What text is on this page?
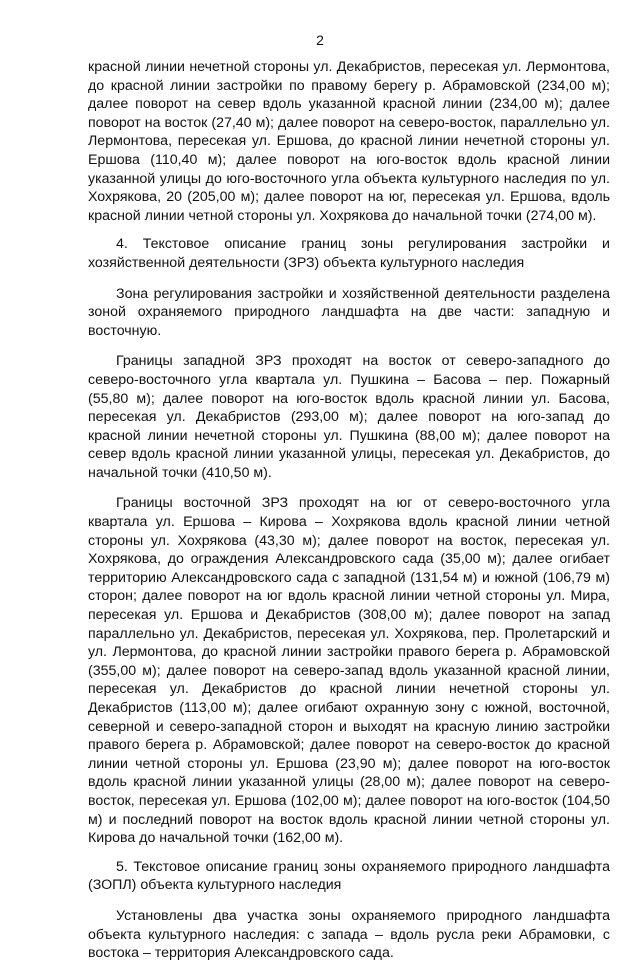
2

красной линии нечетной стороны ул. Декабристов, пересекая ул. Лермонтова, до красной линии застройки по правому берегу р. Абрамовской (234,00 м); далее поворот на север вдоль указанной красной линии (234,00 м); далее поворот на восток (27,40 м); далее поворот на северо-восток, параллельно ул. Лермонтова, пересекая ул. Ершова, до красной линии нечетной стороны ул. Ершова (110,40 м); далее поворот на юго-восток вдоль красной линии указанной улицы до юго-восточного угла объекта культурного наследия по ул. Хохрякова, 20 (205,00 м); далее поворот на юг, пересекая ул. Ершова, вдоль красной линии четной стороны ул. Хохрякова до начальной точки (274,00 м).

4. Текстовое описание границ зоны регулирования застройки и хозяйственной деятельности (ЗРЗ) объекта культурного наследия

Зона регулирования застройки и хозяйственной деятельности разделена зоной охраняемого природного ландшафта на две части: западную и восточную.

Границы западной ЗРЗ проходят на восток от северо-западного до северо-восточного угла квартала ул. Пушкина – Басова – пер. Пожарный (55,80 м); далее поворот на юго-восток вдоль красной линии ул. Басова, пересекая ул. Декабристов (293,00 м); далее поворот на юго-запад до красной линии нечетной стороны ул. Пушкина (88,00 м); далее поворот на север вдоль красной линии указанной улицы, пересекая ул. Декабристов, до начальной точки (410,50 м).

Границы восточной ЗРЗ проходят на юг от северо-восточного угла квартала ул. Ершова – Кирова – Хохрякова вдоль красной линии четной стороны ул. Хохрякова (43,30 м); далее поворот на восток, пересекая ул. Хохрякова, до ограждения Александровского сада (35,00 м); далее огибает территорию Александровского сада с западной (131,54 м) и южной (106,79 м) сторон; далее поворот на юг вдоль красной линии четной стороны ул. Мира, пересекая ул. Ершова и Декабристов (308,00 м); далее поворот на запад параллельно ул. Декабристов, пересекая ул. Хохрякова, пер. Пролетарский и ул. Лермонтова, до красной линии застройки правого берега р. Абрамовской (355,00 м); далее поворот на северо-запад вдоль указанной красной линии, пересекая ул. Декабристов до красной линии нечетной стороны ул. Декабристов (113,00 м); далее огибают охранную зону с южной, восточной, северной и северо-западной сторон и выходят на красную линию застройки правого берега р. Абрамовской; далее поворот на северо-восток до красной линии четной стороны ул. Ершова (23,90 м); далее поворот на юго-восток вдоль красной линии указанной улицы (28,00 м); далее поворот на северо-восток, пересекая ул. Ершова (102,00 м); далее поворот на юго-восток (104,50 м) и последний поворот на восток вдоль красной линии четной стороны ул. Кирова до начальной точки (162,00 м).

5. Текстовое описание границ зоны охраняемого природного ландшафта (ЗОПЛ) объекта культурного наследия

Установлены два участка зоны охраняемого природного ландшафта объекта культурного наследия: с запада – вдоль русла реки Абрамовки, с востока – территория Александровского сада.
